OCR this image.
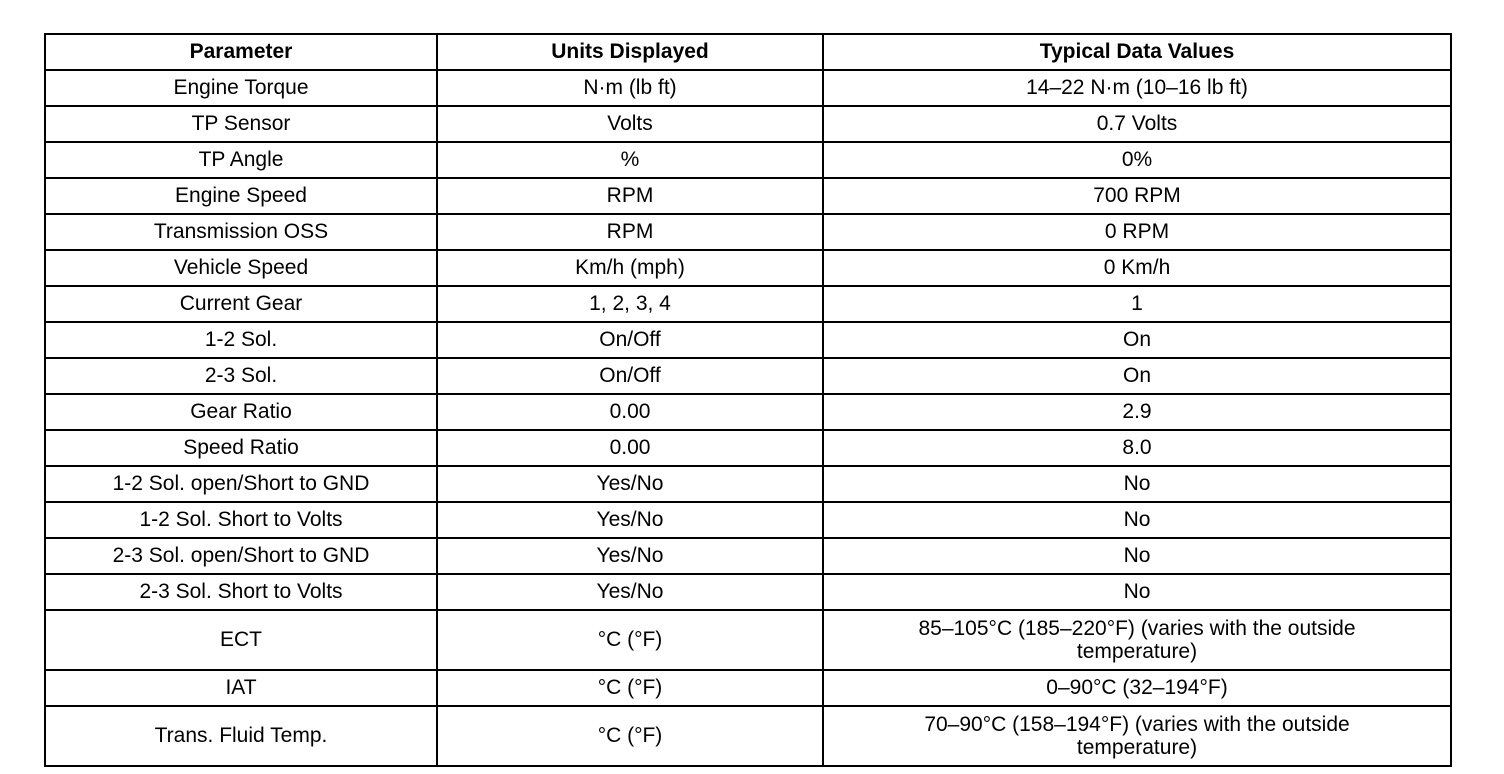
Parameter	Units Displayed	Typical Data Values
Engine Torque	N·m (lb ft)	14–22 N·m (10–16 lb ft)
TP Sensor	Volts	0.7 Volts
TP Angle	%	0%
Engine Speed	RPM	700 RPM
Transmission OSS	RPM	0 RPM
Vehicle Speed	Km/h (mph)	0 Km/h
Current Gear	1, 2, 3, 4	1
1-2 Sol.	On/Off	On
2-3 Sol.	On/Off	On
Gear Ratio	0.00	2.9
Speed Ratio	0.00	8.0
1-2 Sol. open/Short to GND	Yes/No	No
1-2 Sol. Short to Volts	Yes/No	No
2-3 Sol. open/Short to GND	Yes/No	No
2-3 Sol. Short to Volts	Yes/No	No
ECT	°C (°F)	85–105°C (185–220°F) (varies with the outside temperature)
IAT	°C (°F)	0–90°C (32–194°F)
Trans. Fluid Temp.	°C (°F)	70–90°C (158–194°F) (varies with the outside temperature)
